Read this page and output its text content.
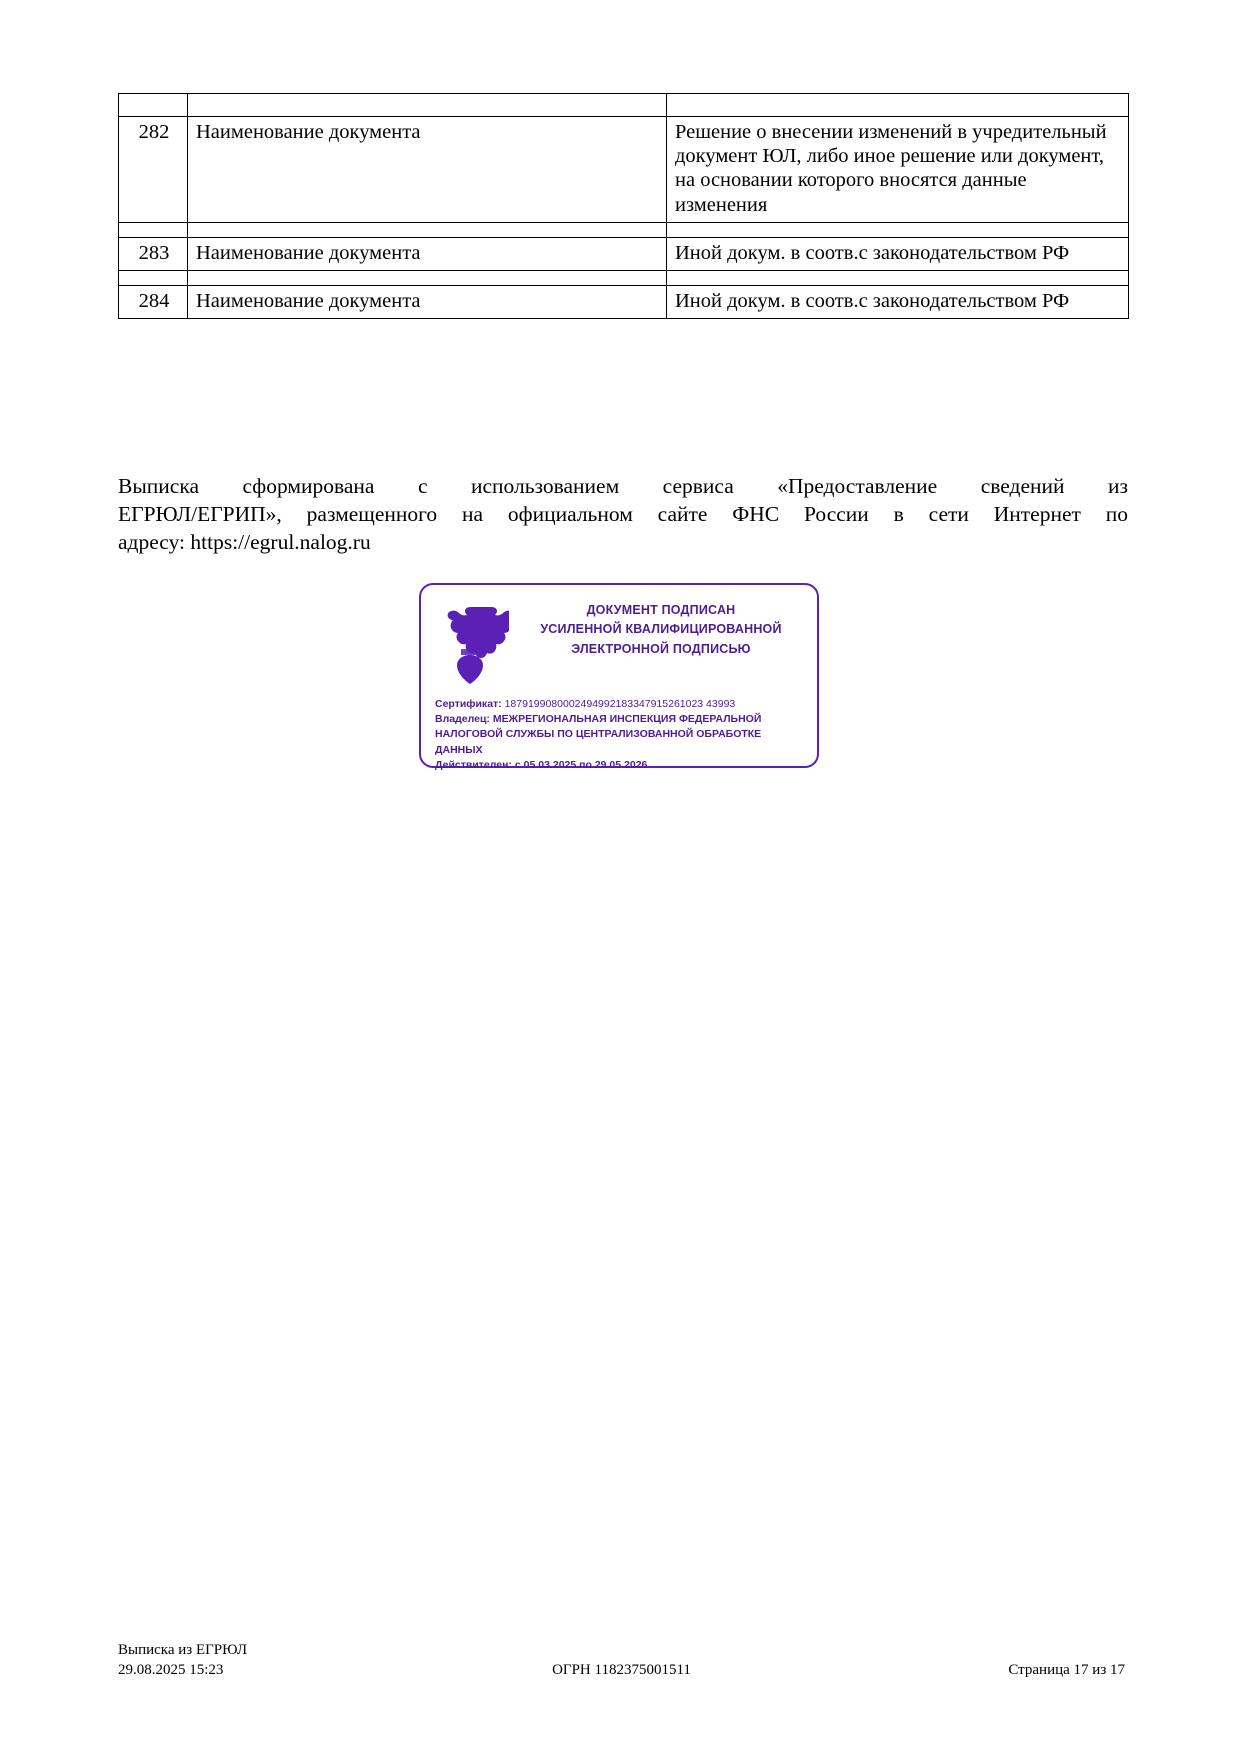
282	Наименование документа	Решение о внесении изменений в учредительный документ ЮЛ, либо иное решение или документ, на основании которого вносятся данные изменения

283	Наименование документа	Иной докум. в соотв.с законодательством РФ

284	Наименование документа	Иной докум. в соотв.с законодательством РФ
Выписка сформирована с использованием сервиса «Предоставление сведений из
ЕГРЮЛ/ЕГРИП», размещенного на официальном сайте ФНС России в сети Интернет по
адресу: https://egrul.nalog.ru
ДОКУМЕНТ ПОДПИСАН
УСИЛЕННОЙ КВАЛИФИЦИРОВАННОЙ
ЭЛЕКТРОННОЙ ПОДПИСЬЮ
Сертификат: 1879199080002494992183347915261023 43993
Владелец: МЕЖРЕГИОНАЛЬНАЯ ИНСПЕКЦИЯ ФЕДЕРАЛЬНОЙ НАЛОГОВОЙ СЛУЖБЫ ПО ЦЕНТРАЛИЗОВАННОЙ ОБРАБОТКЕ ДАННЫХ
Действителен: с 05.03.2025 по 29.05.2026
Выписка из ЕГРЮЛ
29.08.2025 15:23	ОГРН 1182375001511	Страница 17 из 17
